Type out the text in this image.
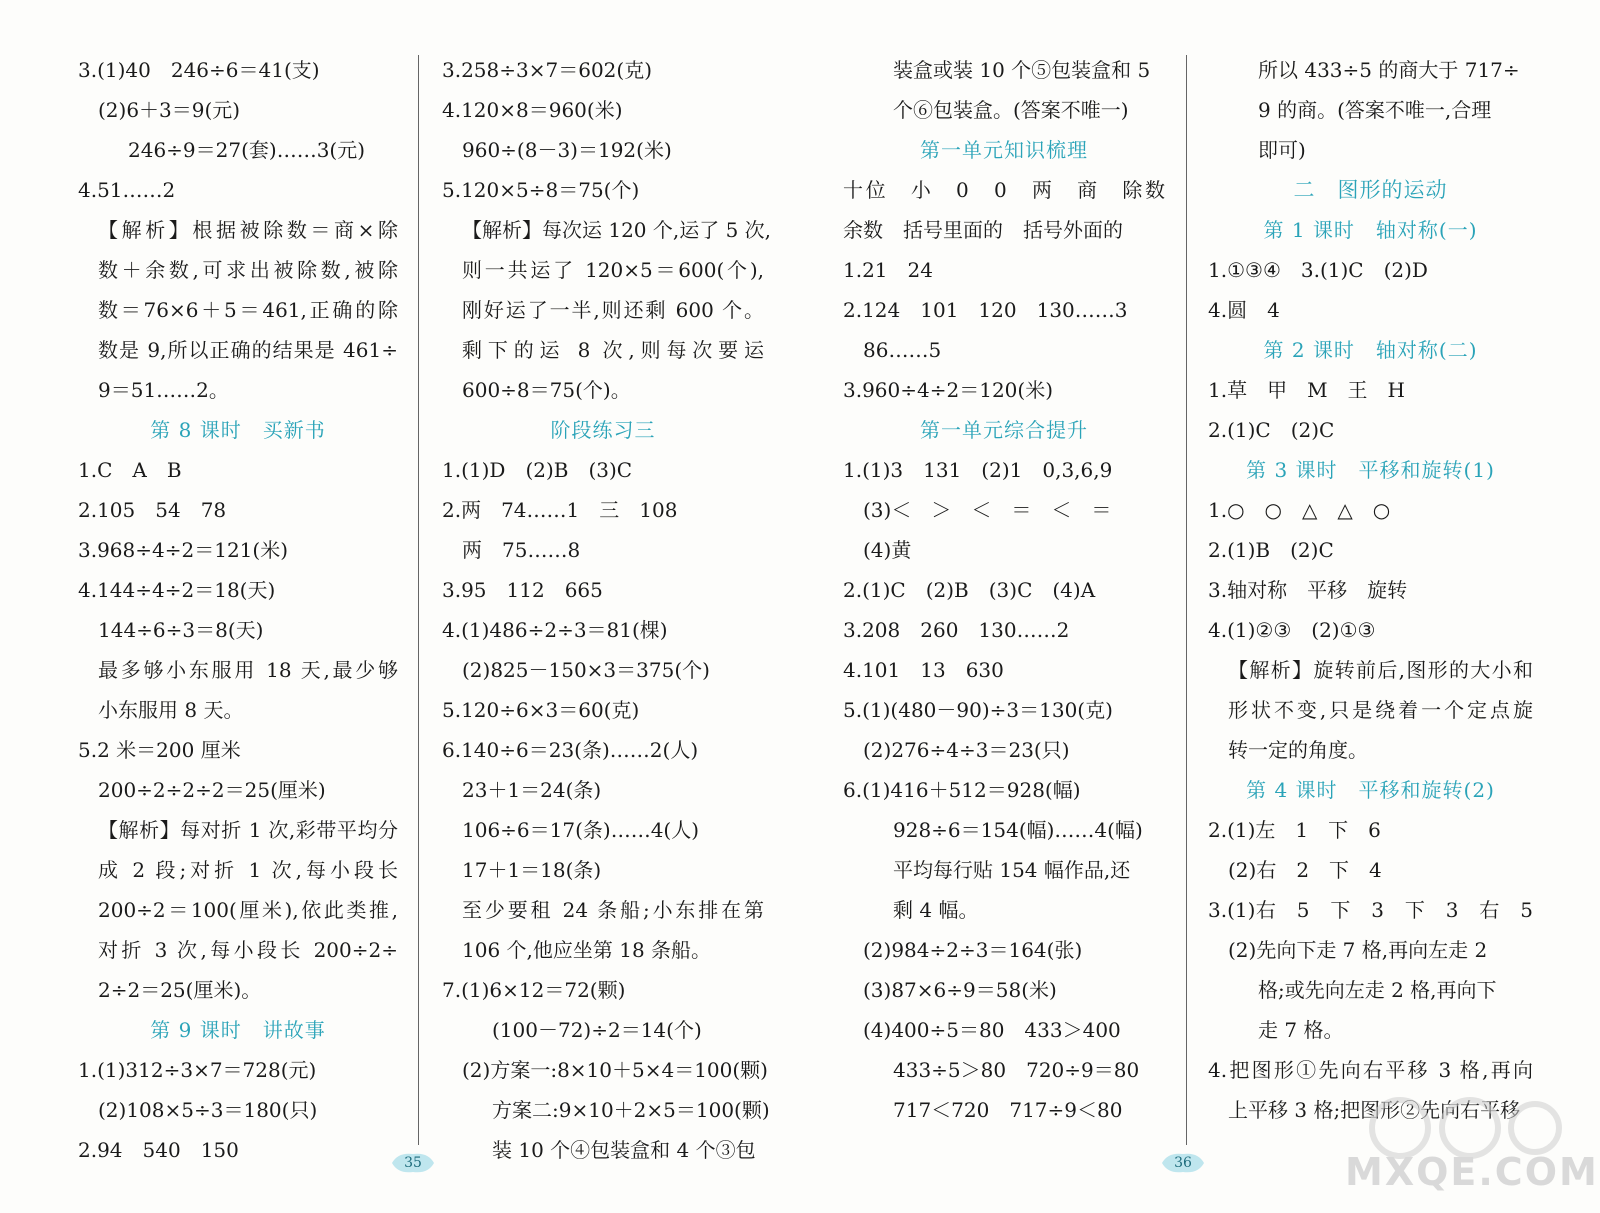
3.(1)40　246÷6＝41(支)
(2)6＋3＝9(元)
246÷9＝27(套)……3(元)
4.51……2
【解析】根据被除数＝商×除
数＋余数,可求出被除数,被除
数＝76×6＋5＝461,正确的除
数是 9,所以正确的结果是 461÷
9＝51……2。
第 8 课时　买新书
1.C　A　B
2.105　54　78
3.968÷4÷2＝121(米)
4.144÷4÷2＝18(天)
144÷6÷3＝8(天)
最多够小东服用 18 天,最少够
小东服用 8 天。
5.2 米＝200 厘米
200÷2÷2÷2＝25(厘米)
【解析】每对折 1 次,彩带平均分
成 2 段;对折 1 次,每小段长
200÷2＝100(厘米),依此类推,
对折 3 次,每小段长 200÷2÷
2÷2＝25(厘米)。
第 9 课时　讲故事
1.(1)312÷3×7＝728(元)
(2)108×5÷3＝180(只)
2.94　540　150
3.258÷3×7＝602(克)
4.120×8＝960(米)
960÷(8－3)＝192(米)
5.120×5÷8＝75(个)
【解析】每次运 120 个,运了 5 次,
则一共运了 120×5＝600(个),
刚好运了一半,则还剩 600 个。
剩下的运 8 次,则每次要运
600÷8＝75(个)。
阶段练习三
1.(1)D　(2)B　(3)C
2.两　74……1　三　108
两　75……8
3.95　112　665
4.(1)486÷2÷3＝81(棵)
(2)825－150×3＝375(个)
5.120÷6×3＝60(克)
6.140÷6＝23(条)……2(人)
23＋1＝24(条)
106÷6＝17(条)……4(人)
17＋1＝18(条)
至少要租 24 条船;小东排在第
106 个,他应坐第 18 条船。
7.(1)6×12＝72(颗)
(100－72)÷2＝14(个)
(2)方案一:8×10＋5×4＝100(颗)
方案二:9×10＋2×5＝100(颗)
装 10 个④包装盒和 4 个③包
装盒或装 10 个⑤包装盒和 5
个⑥包装盒。(答案不唯一)
第一单元知识梳理
十位　小　0　0　两　商　除数
余数　括号里面的　括号外面的
1.21　24
2.124　101　120　130……3
86……5
3.960÷4÷2＝120(米)
第一单元综合提升
1.(1)3　131　(2)1　0,3,6,9
(3)＜　＞　＜　＝　＜　＝
(4)黄
2.(1)C　(2)B　(3)C　(4)A
3.208　260　130……2
4.101　13　630
5.(1)(480－90)÷3＝130(克)
(2)276÷4÷3＝23(只)
6.(1)416＋512＝928(幅)
928÷6＝154(幅)……4(幅)
平均每行贴 154 幅作品,还
剩 4 幅。
(2)984÷2÷3＝164(张)
(3)87×6÷9＝58(米)
(4)400÷5＝80　433＞400
433÷5＞80　720÷9＝80
717＜720　717÷9＜80
所以 433÷5 的商大于 717÷
9 的商。(答案不唯一,合理
即可)
二　图形的运动
第 1 课时　轴对称(一)
1.①③④　3.(1)C　(2)D
4.圆　4
第 2 课时　轴对称(二)
1.草　甲　M　王　H
2.(1)C　(2)C
第 3 课时　平移和旋转(1)
1.○　○　△　△　○
2.(1)B　(2)C
3.轴对称　平移　旋转
4.(1)②③　(2)①③
【解析】旋转前后,图形的大小和
形状不变,只是绕着一个定点旋
转一定的角度。
第 4 课时　平移和旋转(2)
2.(1)左　1　下　6
(2)右　2　下　4
3.(1)右　5　下　3　下　3　右　5
(2)先向下走 7 格,再向左走 2
格;或先向左走 2 格,再向下
走 7 格。
4.把图形①先向右平移 3 格,再向
上平移 3 格;把图形②先向右平移
35	36	MXQE.COM
